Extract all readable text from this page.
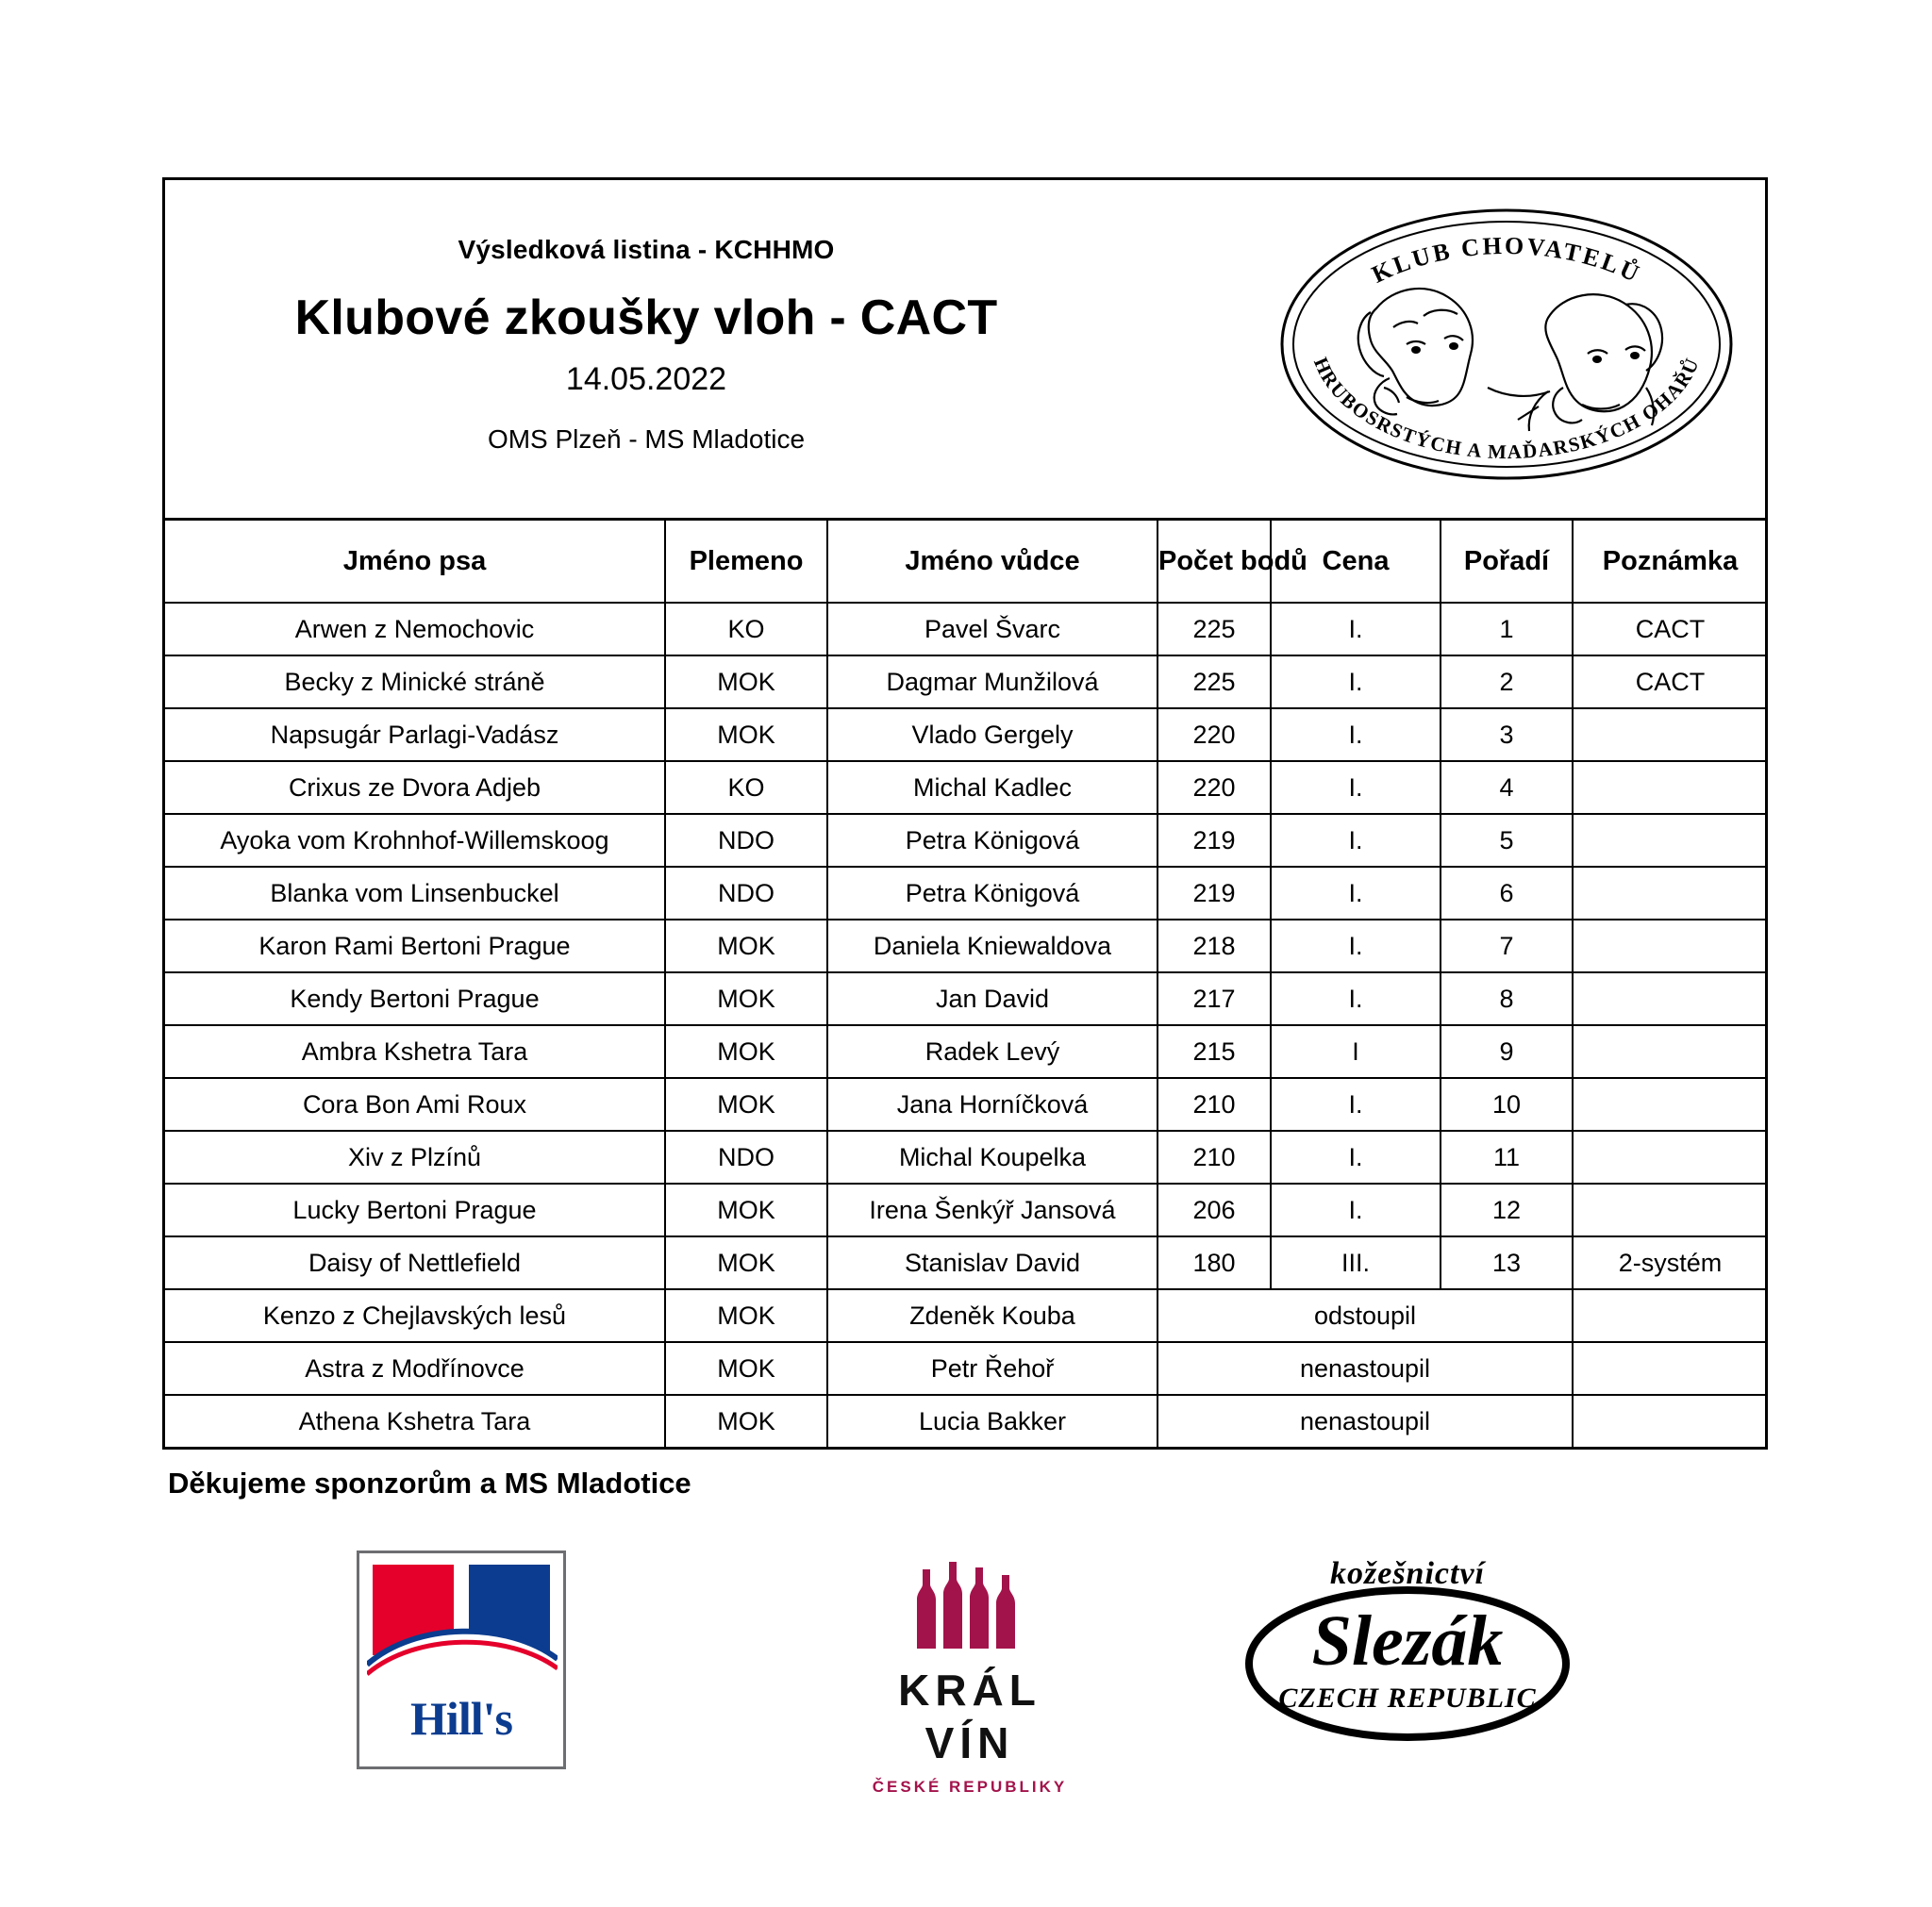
Výsledková listina - KCHHMO
Klubové zkoušky vloh - CACT
14.05.2022
OMS Plzeň - MS Mladotice
KLUB CHOVATELŮ
HRUBOSRSTÝCH A MAĎARSKÝCH OHAŘŮ
Jméno psa	Plemeno	Jméno vůdce	Počet bodů	Cena	Pořadí	Poznámka
Arwen z Nemochovic	KO	Pavel Švarc	225	I.	1	CACT
Becky z Minické stráně	MOK	Dagmar Munžilová	225	I.	2	CACT
Napsugár Parlagi-Vadász	MOK	Vlado Gergely	220	I.	3	
Crixus ze Dvora Adjeb	KO	Michal Kadlec	220	I.	4	
Ayoka vom Krohnhof-Willemskoog	NDO	Petra Königová	219	I.	5	
Blanka vom Linsenbuckel	NDO	Petra Königová	219	I.	6	
Karon Rami Bertoni Prague	MOK	Daniela Kniewaldova	218	I.	7	
Kendy Bertoni Prague	MOK	Jan David	217	I.	8	
Ambra Kshetra Tara	MOK	Radek Levý	215	I	9	
Cora Bon Ami Roux	MOK	Jana Horníčková	210	I.	10	
Xiv z Plzínů	NDO	Michal Koupelka	210	I.	11	
Lucky Bertoni Prague	MOK	Irena Šenkýř Jansová	206	I.	12	
Daisy of Nettlefield	MOK	Stanislav David	180	III.	13	2-systém
Kenzo z Chejlavských lesů	MOK	Zdeněk Kouba	odstoupil			
Astra z Modřínovce	MOK	Petr Řehoř	nenastoupil			
Athena Kshetra Tara	MOK	Lucia Bakker	nenastoupil			
Děkujeme sponzorům a MS Mladotice
Hill's
KRÁL
VÍN
ČESKÉ REPUBLIKY
kožešnictví
Slezák
CZECH REPUBLIC
